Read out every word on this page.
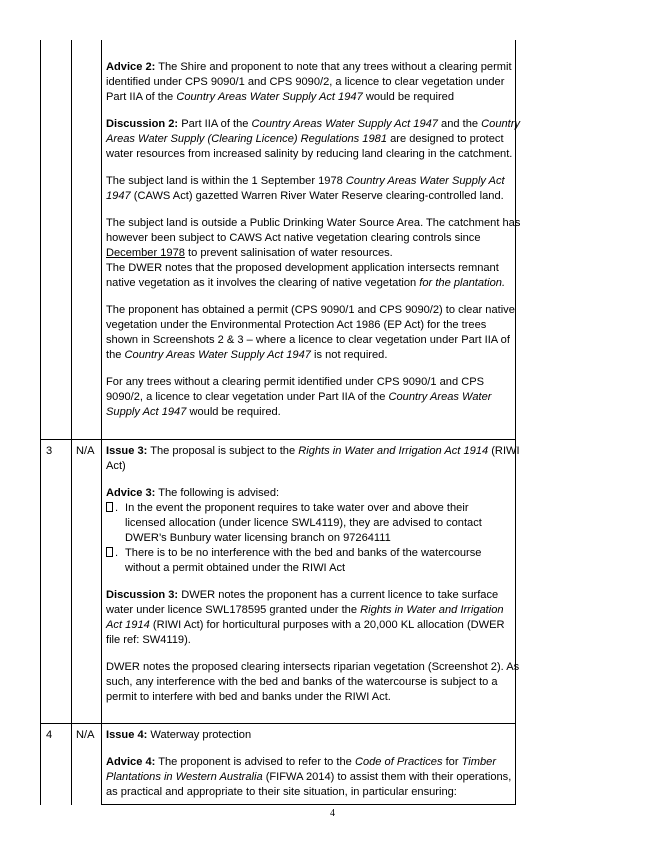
3 N/A
4 N/A
Advice 2: The Shire and proponent to note that any trees without a clearing permit
identified under CPS 9090/1 and CPS 9090/2, a licence to clear vegetation under
Part IIA of the Country Areas Water Supply Act 1947 would be required
Discussion 2: Part IIA of the Country Areas Water Supply Act 1947 and the Country
Areas Water Supply (Clearing Licence) Regulations 1981 are designed to protect
water resources from increased salinity by reducing land clearing in the catchment.
The subject land is within the 1 September 1978 Country Areas Water Supply Act
1947 (CAWS Act) gazetted Warren River Water Reserve clearing-controlled land.
The subject land is outside a Public Drinking Water Source Area. The catchment has
however been subject to CAWS Act native vegetation clearing controls since
December 1978 to prevent salinisation of water resources.
The DWER notes that the proposed development application intersects remnant
native vegetation as it involves the clearing of native vegetation for the plantation.
The proponent has obtained a permit (CPS 9090/1 and CPS 9090/2) to clear native
vegetation under the Environmental Protection Act 1986 (EP Act) for the trees
shown in Screenshots 2 & 3 – where a licence to clear vegetation under Part IIA of
the Country Areas Water Supply Act 1947 is not required.
For any trees without a clearing permit identified under CPS 9090/1 and CPS
9090/2, a licence to clear vegetation under Part IIA of the Country Areas Water
Supply Act 1947 would be required.
Issue 3: The proposal is subject to the Rights in Water and Irrigation Act 1914 (RIWI
Act)
Advice 3: The following is advised:
. In the event the proponent requires to take water over and above their
licensed allocation (under licence SWL4119), they are advised to contact
DWER’s Bunbury water licensing branch on 97264111
. There is to be no interference with the bed and banks of the watercourse
without a permit obtained under the RIWI Act
Discussion 3: DWER notes the proponent has a current licence to take surface
water under licence SWL178595 granted under the Rights in Water and Irrigation
Act 1914 (RIWI Act) for horticultural purposes with a 20,000 KL allocation (DWER
file ref: SW4119).
DWER notes the proposed clearing intersects riparian vegetation (Screenshot 2). As
such, any interference with the bed and banks of the watercourse is subject to a
permit to interfere with bed and banks under the RIWI Act.
Issue 4: Waterway protection
Advice 4: The proponent is advised to refer to the Code of Practices for Timber
Plantations in Western Australia (FIFWA 2014) to assist them with their operations,
as practical and appropriate to their site situation, in particular ensuring:
4
